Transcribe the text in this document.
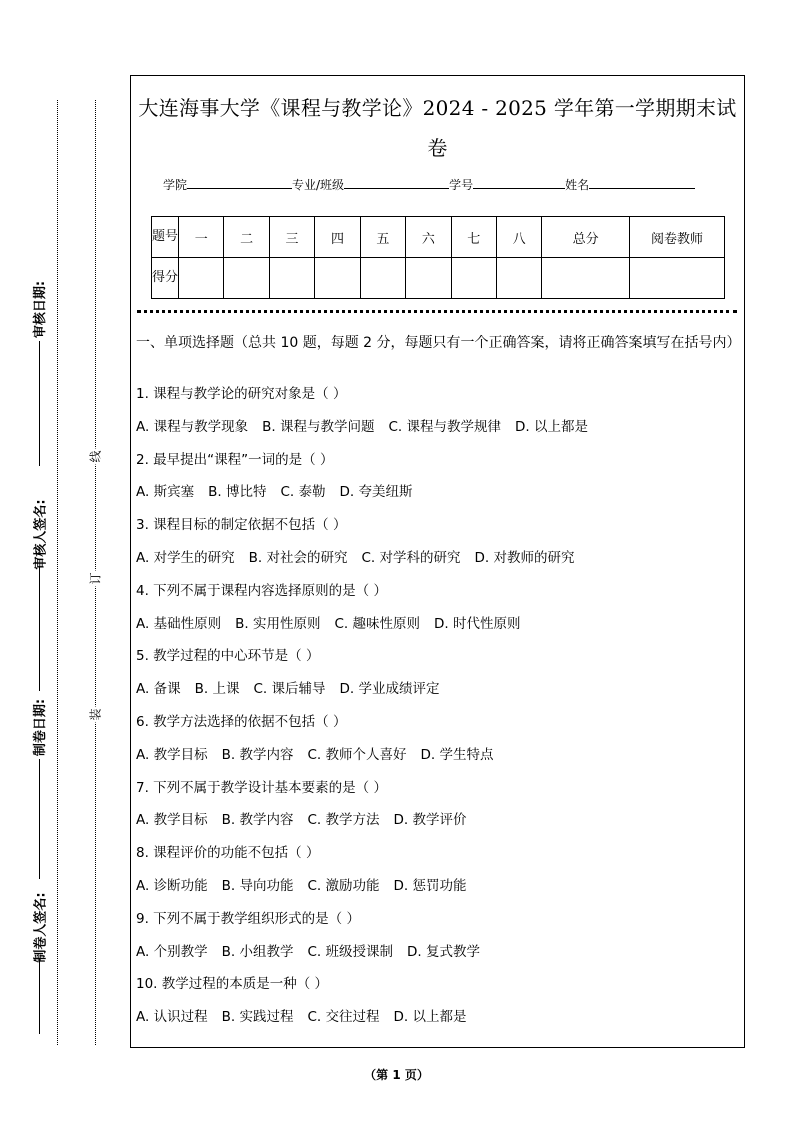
审核日期:
审核人签名:
制卷日期:
制卷人签名:
线
订
装
大连海事大学《课程与教学论》2024 - 2025 学年第一学期期末试卷
学院	专业/班级	学号	姓名
题号	一	二	三	四	五	六	七	八	总分	阅卷教师
得分										
一、单项选择题（总共 10 题，每题 2 分，每题只有一个正确答案，请将正确答案填写在括号内）
1. 课程与教学论的研究对象是（ ）
A. 课程与教学现象 B. 课程与教学问题 C. 课程与教学规律 D. 以上都是
2. 最早提出“课程”一词的是（ ）
A. 斯宾塞 B. 博比特 C. 泰勒 D. 夸美纽斯
3. 课程目标的制定依据不包括（ ）
A. 对学生的研究 B. 对社会的研究 C. 对学科的研究 D. 对教师的研究
4. 下列不属于课程内容选择原则的是（ ）
A. 基础性原则 B. 实用性原则 C. 趣味性原则 D. 时代性原则
5. 教学过程的中心环节是（ ）
A. 备课 B. 上课 C. 课后辅导 D. 学业成绩评定
6. 教学方法选择的依据不包括（ ）
A. 教学目标 B. 教学内容 C. 教师个人喜好 D. 学生特点
7. 下列不属于教学设计基本要素的是（ ）
A. 教学目标 B. 教学内容 C. 教学方法 D. 教学评价
8. 课程评价的功能不包括（ ）
A. 诊断功能 B. 导向功能 C. 激励功能 D. 惩罚功能
9. 下列不属于教学组织形式的是（ ）
A. 个别教学 B. 小组教学 C. 班级授课制 D. 复式教学
10. 教学过程的本质是一种（ ）
A. 认识过程 B. 实践过程 C. 交往过程 D. 以上都是
（第 1 页）
